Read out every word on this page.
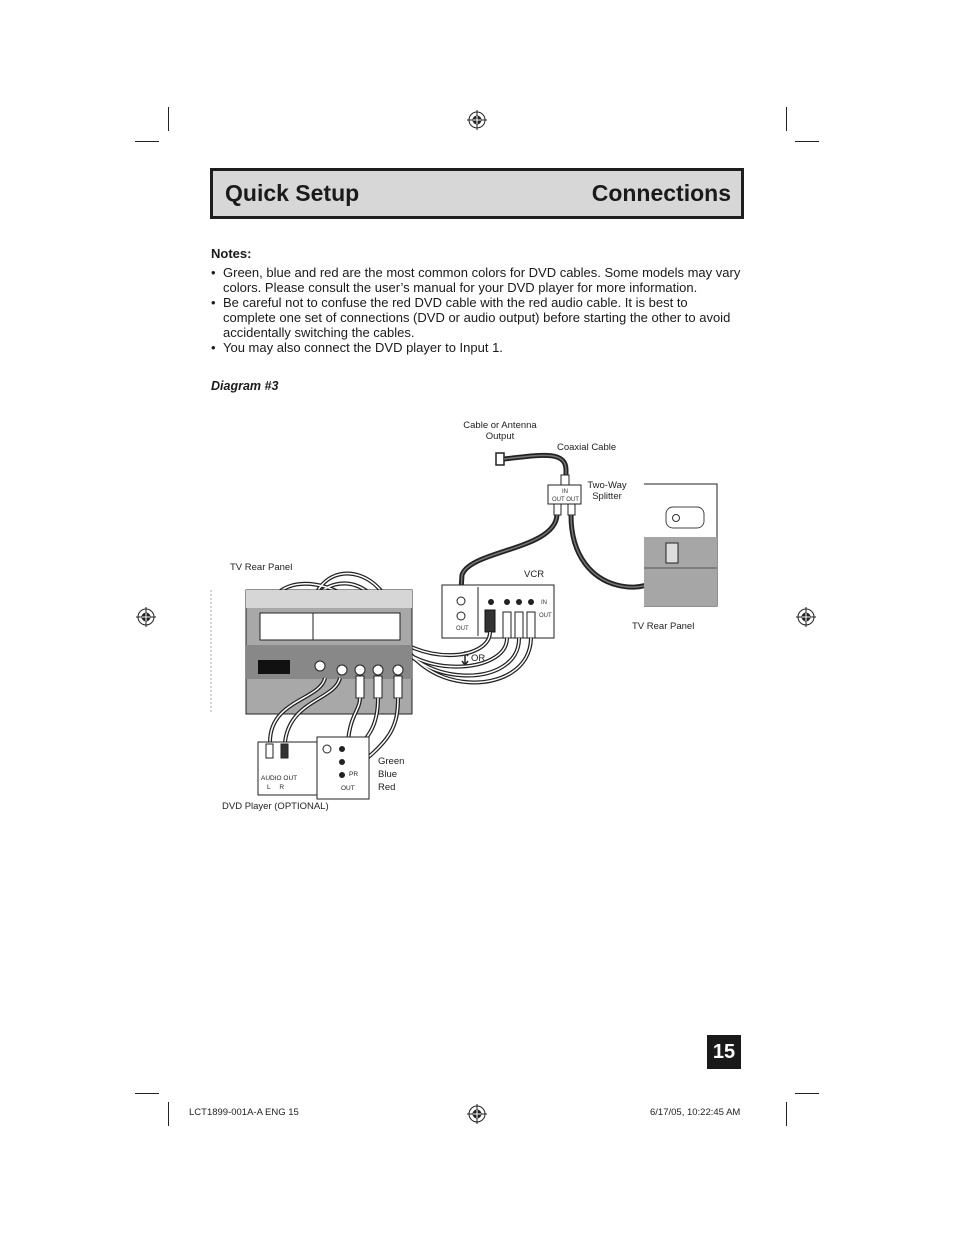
Quick Setup	Connections
Notes:
• Green, blue and red are the most common colors for DVD cables. Some models may vary colors. Please consult the user’s manual for your DVD player for more information.
• Be careful not to confuse the red DVD cable with the red audio cable. It is best to complete one set of connections (DVD or audio output) before starting the other to avoid accidentally switching the cables.
• You may also connect the DVD player to Input 1.
Diagram #3
Cable or Antenna Output
Coaxial Cable
Two-Way Splitter
IN
OUT OUT
TV Rear Panel
VCR
IN
OUT
OUT
OR
TV Rear Panel
Green
Blue
Red
AUDIO OUT
L     R
PR
OUT
DVD Player (OPTIONAL)
15
LCT1899-001A-A ENG 15	6/17/05, 10:22:45 AM
